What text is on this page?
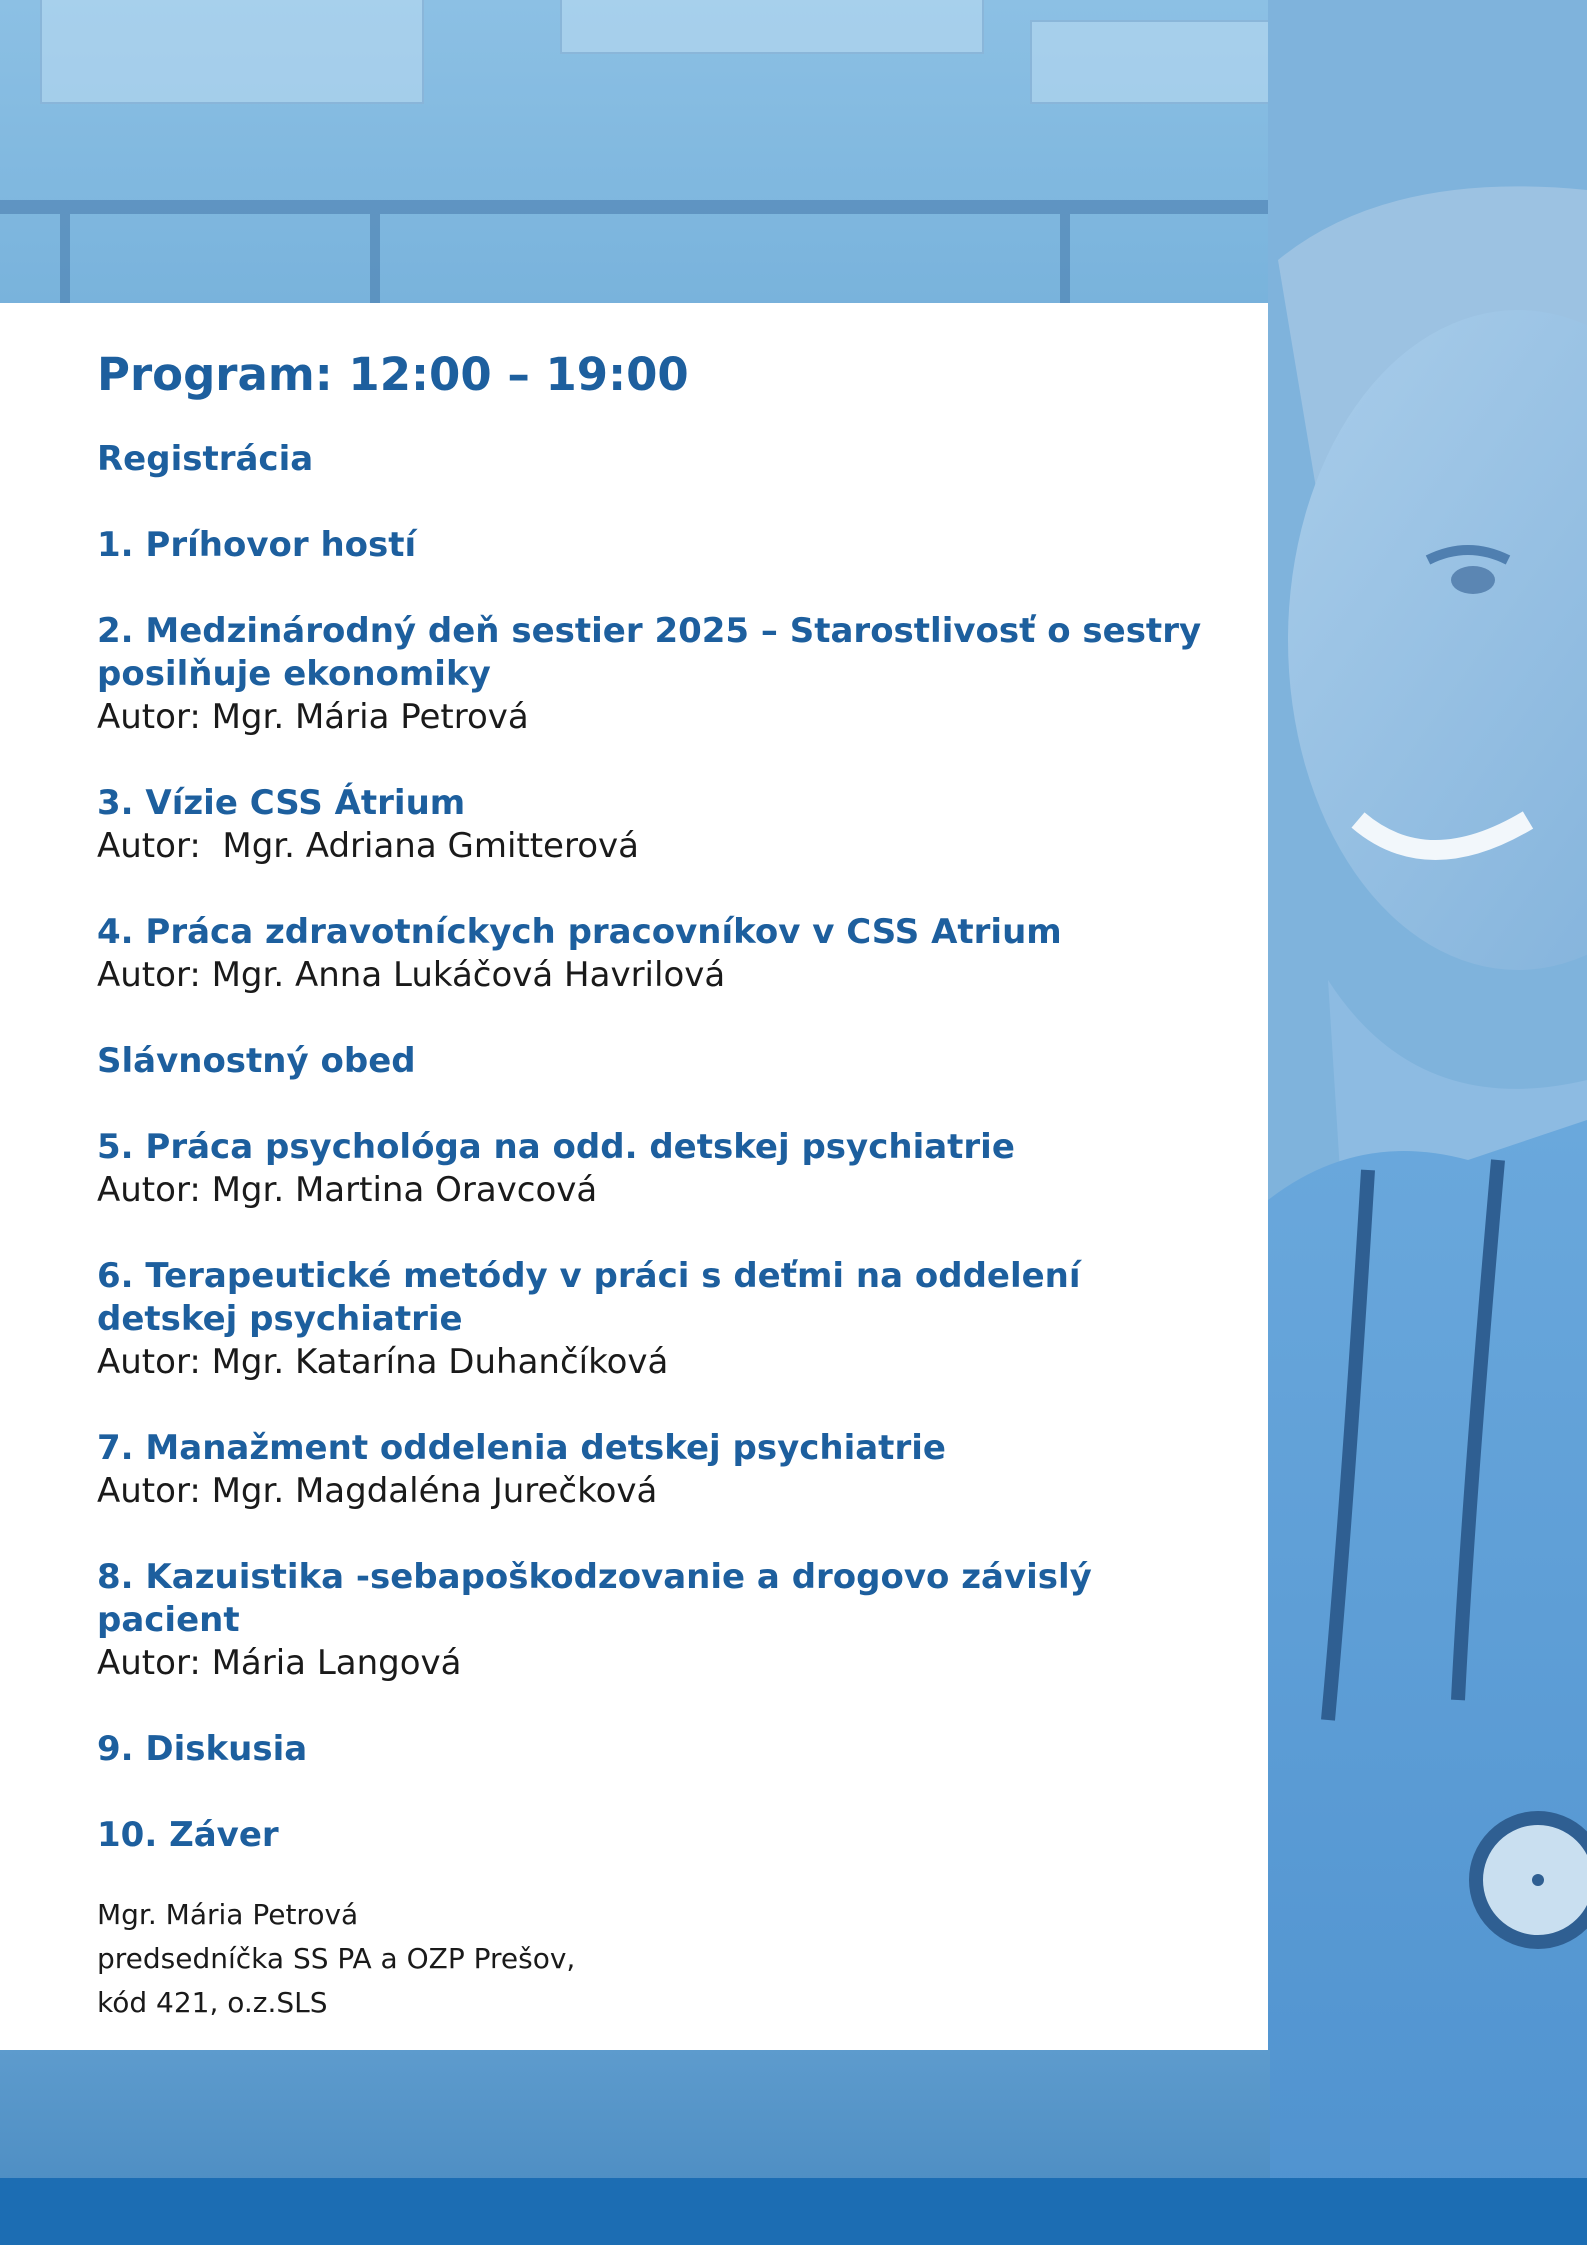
Program: 12:00 – 19:00
Registrácia
1. Príhovor hostí
2. Medzinárodný deň sestier 2025 – Starostlivosť o sestry posilňuje ekonomiky
Autor: Mgr. Mária Petrová
3. Vízie CSS Átrium
Autor:  Mgr. Adriana Gmitterová
4. Práca zdravotníckych pracovníkov v CSS Atrium
Autor: Mgr. Anna Lukáčová Havrilová
Slávnostný obed
5. Práca psychológa na odd. detskej psychiatrie
Autor: Mgr. Martina Oravcová
6. Terapeutické metódy v práci s deťmi na oddelení detskej psychiatrie
Autor: Mgr. Katarína Duhančíková
7. Manažment oddelenia detskej psychiatrie
Autor: Mgr. Magdaléna Jurečková
8. Kazuistika -sebapoškodzovanie a drogovo závislý pacient
Autor: Mária Langová
9. Diskusia
10. Záver
Mgr. Mária Petrová
predsedníčka SS PA a OZP Prešov,
kód 421, o.z.SLS
